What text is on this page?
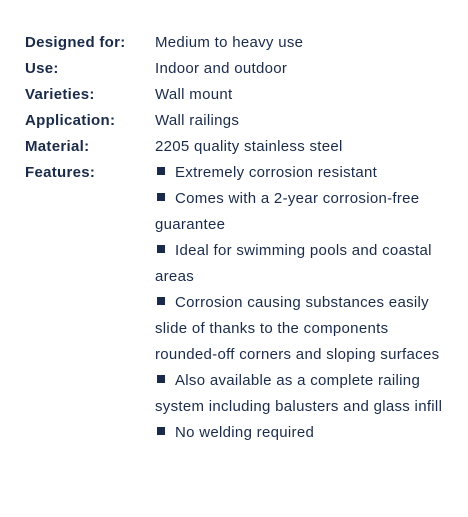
Designed for:	Medium to heavy use
Use:	Indoor and outdoor
Varieties:	Wall mount
Application:	Wall railings
Material:	2205 quality stainless steel
Features:	Extremely corrosion resistant
Comes with a 2-year corrosion-free guarantee
Ideal for swimming pools and coastal areas
Corrosion causing substances easily slide of thanks to the components rounded-off corners and sloping surfaces
Also available as a complete railing system including balusters and glass infill
No welding required
